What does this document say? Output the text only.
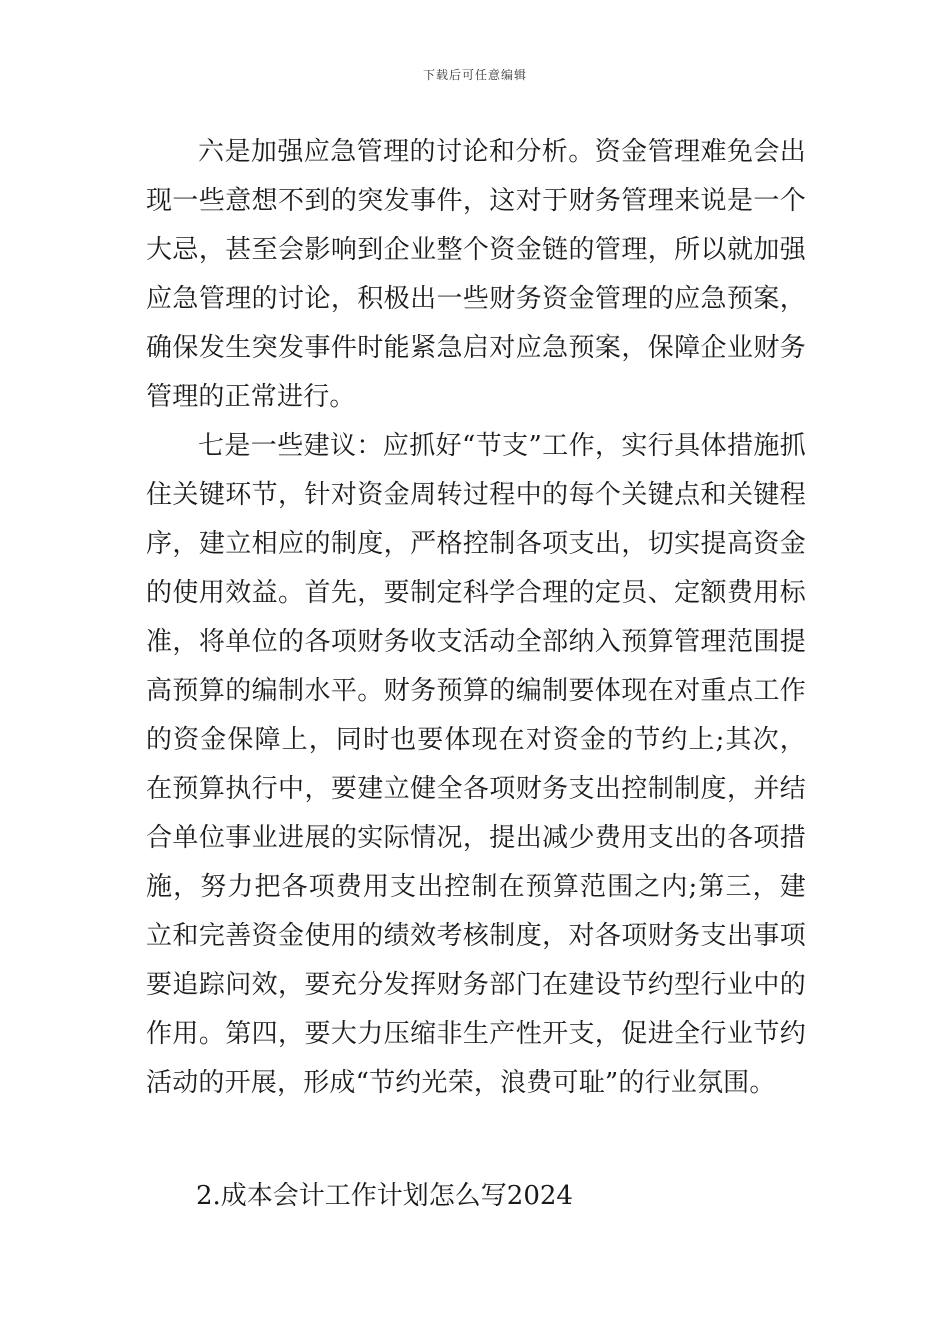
下载后可任意编辑

六是加强应急管理的讨论和分析。资金管理难免会出现一些意想不到的突发事件，这对于财务管理来说是一个大忌，甚至会影响到企业整个资金链的管理，所以就加强应急管理的讨论，积极出一些财务资金管理的应急预案，确保发生突发事件时能紧急启对应急预案，保障企业财务管理的正常进行。

七是一些建议：应抓好“节支”工作，实行具体措施抓住关键环节，针对资金周转过程中的每个关键点和关键程序，建立相应的制度，严格控制各项支出，切实提高资金的使用效益。首先，要制定科学合理的定员、定额费用标准，将单位的各项财务收支活动全部纳入预算管理范围提高预算的编制水平。财务预算的编制要体现在对重点工作的资金保障上，同时也要体现在对资金的节约上;其次，在预算执行中，要建立健全各项财务支出控制制度，并结合单位事业进展的实际情况，提出减少费用支出的各项措施，努力把各项费用支出控制在预算范围之内;第三，建立和完善资金使用的绩效考核制度，对各项财务支出事项要追踪问效，要充分发挥财务部门在建设节约型行业中的作用。第四，要大力压缩非生产性开支，促进全行业节约活动的开展，形成“节约光荣，浪费可耻”的行业氛围。

2.成本会计工作计划怎么写2024
